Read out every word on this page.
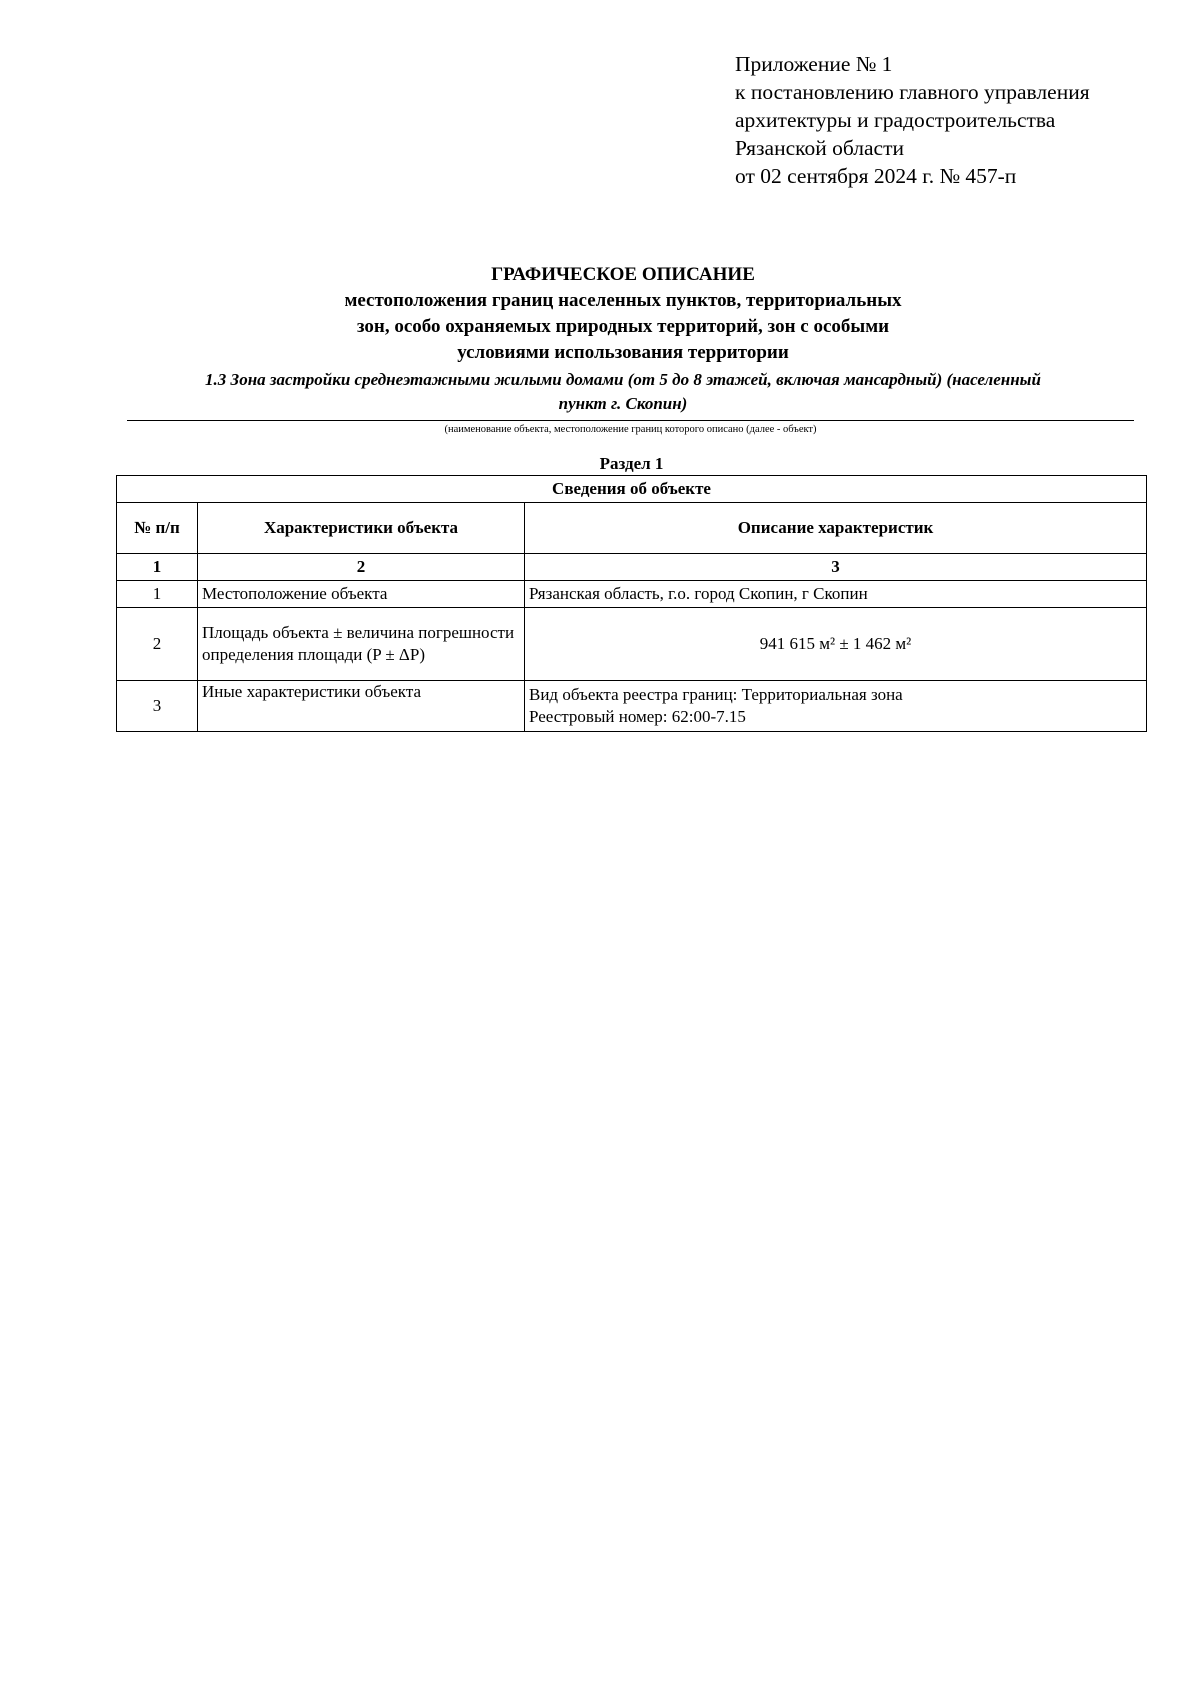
Приложение № 1
к постановлению главного управления
архитектуры и градостроительства
Рязанской области
от 02 сентября 2024 г. № 457-п
ГРАФИЧЕСКОЕ ОПИСАНИЕ
местоположения границ населенных пунктов, территориальных
зон, особо охраняемых природных территорий, зон с особыми
условиями использования территории
1.3 Зона застройки среднеэтажными жилыми домами (от 5 до 8 этажей, включая мансардный) (населенный
пункт г. Скопин)
(наименование объекта, местоположение границ которого описано (далее - объект)
Раздел 1
Сведения об объекте		
№ п/п	Характеристики объекта	Описание характеристик
1	2	3
1	Местоположение объекта	Рязанская область, г.о. город Скопин, г Скопин
2	Площадь объекта ± величина погрешности определения площади (P ± ΔP)	941 615 м² ± 1 462 м²
3	Иные характеристики объекта	Вид объекта реестра границ: Территориальная зона
Реестровый номер: 62:00-7.15
